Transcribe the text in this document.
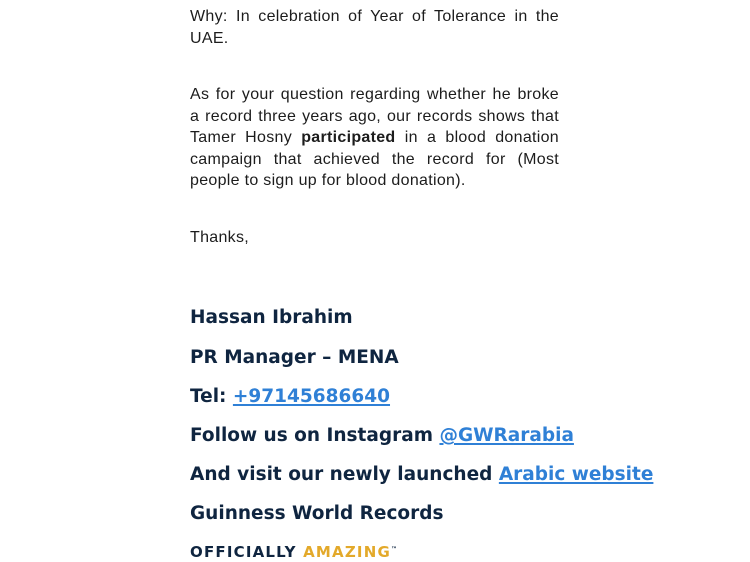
Why: In celebration of Year of Tolerance in the UAE.
As for your question regarding whether he broke a record three years ago, our records shows that Tamer Hosny participated in a blood donation campaign that achieved the record for (Most people to sign up for blood donation).
Thanks,
Hassan Ibrahim
PR Manager – MENA
Tel: +97145686640
Follow us on Instagram @GWRarabia
And visit our newly launched Arabic website
Guinness World Records
OFFICIALLY AMAZING™
